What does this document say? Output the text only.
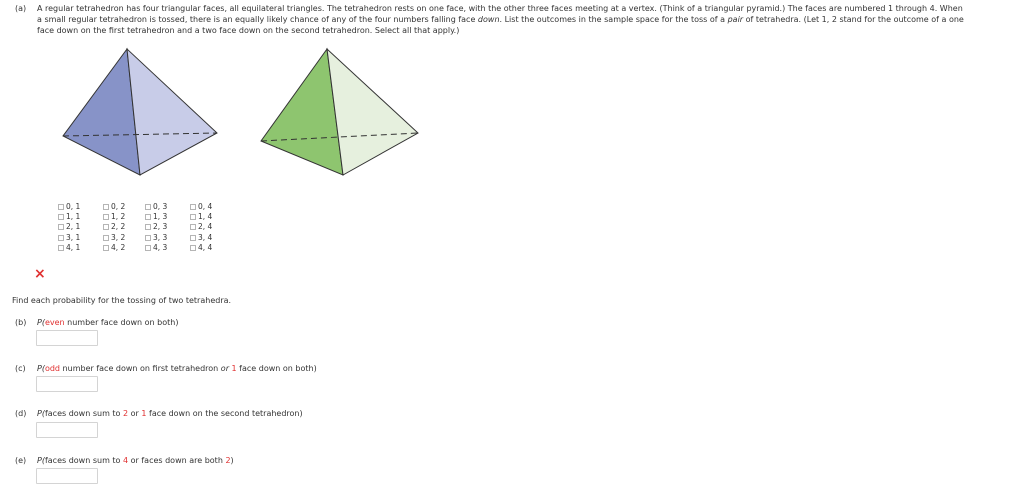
(a) A regular tetrahedron has four triangular faces, all equilateral triangles. The tetrahedron rests on one face, with the other three faces meeting at a vertex. (Think of a triangular pyramid.) The faces are numbered 1 through 4. When
a small regular tetrahedron is tossed, there is an equally likely chance of any of the four numbers falling face down. List the outcomes in the sample space for the toss of a pair of tetrahedra. (Let 1, 2 stand for the outcome of a one
face down on the first tetrahedron and a two face down on the second tetrahedron. Select all that apply.)
0, 1
1, 1
2, 1
3, 1
4, 1
0, 2
1, 2
2, 2
3, 2
4, 2
0, 3
1, 3
2, 3
3, 3
4, 3
0, 4
1, 4
2, 4
3, 4
4, 4
×
Find each probability for the tossing of two tetrahedra.
(b) P(even number face down on both)
(c) P(odd number face down on first tetrahedron or 1 face down on both)
(d) P(faces down sum to 2 or 1 face down on the second tetrahedron)
(e) P(faces down sum to 4 or faces down are both 2)
